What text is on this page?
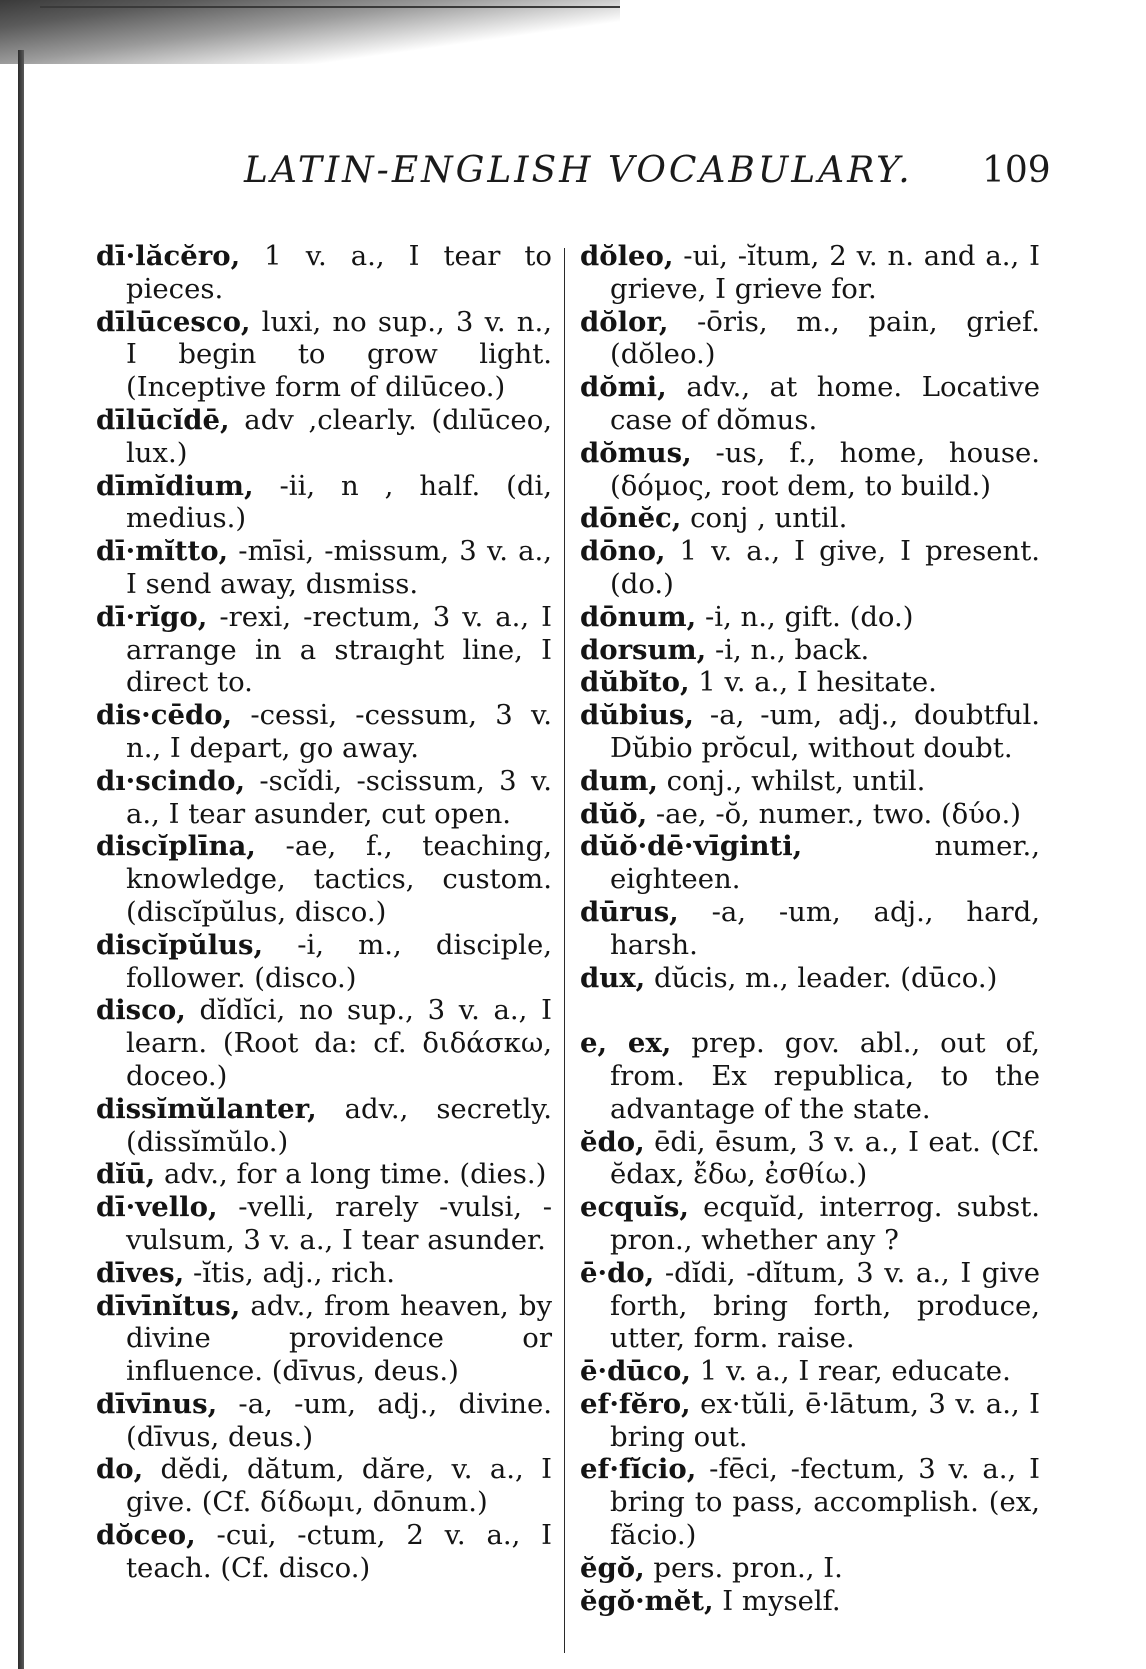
LATIN-ENGLISH VOCABULARY. 109
dī·lăcĕro, 1 v. a., I tear to pieces.
dīlūcesco, luxi, no sup., 3 v. n., I begin to grow light. (Inceptive form of dilūceo.)
dīlūcĭdē, adv ,clearly. (dılūceo, lux.)
dīmĭdium, -ii, n , half. (di, medius.)
dī·mĭtto, -mīsi, -missum, 3 v. a., I send away, dısmiss.
dī·rĭgo, -rexi, -rectum, 3 v. a., I arrange in a straıght line, I direct to.
dis·cēdo, -cessi, -cessum, 3 v. n., I depart, go away.
dı·scindo, -scĭdi, -scissum, 3 v. a., I tear asunder, cut open.
discĭplīna, -ae, f., teaching, knowledge, tactics, custom. (discĭpŭlus, disco.)
discĭpŭlus, -i, m., disciple, follower. (disco.)
disco, dĭdĭci, no sup., 3 v. a., I learn. (Root da: cf. διδάσκω, doceo.)
dissĭmŭlanter, adv., secretly. (dissĭmŭlo.)
dĭū, adv., for a long time. (dies.)
dī·vello, -velli, rarely -vulsi, -vulsum, 3 v. a., I tear asunder.
dīves, -ĭtis, adj., rich.
dīvīnĭtus, adv., from heaven, by divine providence or influence. (dīvus, deus.)
dīvīnus, -a, -um, adj., divine. (dīvus, deus.)
do, dĕdi, dătum, dăre, v. a., I give. (Cf. δίδωμι, dōnum.)
dŏceo, -cui, -ctum, 2 v. a., I teach. (Cf. disco.)
dŏleo, -ui, -ĭtum, 2 v. n. and a., I grieve, I grieve for.
dŏlor, -ōris, m., pain, grief. (dŏleo.)
dŏmi, adv., at home. Locative case of dŏmus.
dŏmus, -us, f., home, house. (δόμος, root dem, to build.)
dōnĕc, conj , until.
dōno, 1 v. a., I give, I present. (do.)
dōnum, -i, n., gift. (do.)
dorsum, -i, n., back.
dŭbĭto, 1 v. a., I hesitate.
dŭbius, -a, -um, adj., doubtful. Dŭbio prŏcul, without doubt.
dum, conj., whilst, until.
dŭŏ, -ae, -ŏ, numer., two. (δύο.)
dŭŏ·dē·vīginti, numer., eighteen.
dūrus, -a, -um, adj., hard, harsh.
dux, dŭcis, m., leader. (dūco.)
e, ex, prep. gov. abl., out of, from. Ex republica, to the advantage of the state.
ĕdo, ēdi, ēsum, 3 v. a., I eat. (Cf. ĕdax, ἔδω, ἐσθίω.)
ecquĭs, ecquĭd, interrog. subst. pron., whether any ?
ē·do, -dĭdi, -dĭtum, 3 v. a., I give forth, bring forth, produce, utter, form. raise.
ē·dūco, 1 v. a., I rear, educate.
ef·fĕro, ex·tŭli, ē·lātum, 3 v. a., I bring out.
ef·fĭcio, -fēci, -fectum, 3 v. a., I bring to pass, accomplish. (ex, făcio.)
ĕgŏ, pers. pron., I.
ĕgŏ·mĕt, I myself.
